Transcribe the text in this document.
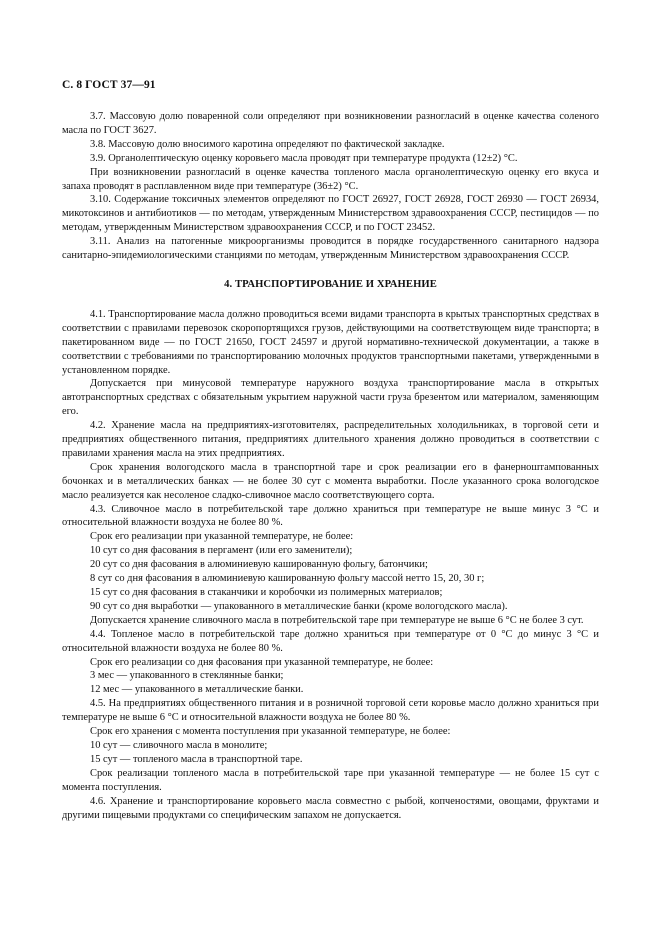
С. 8 ГОСТ 37—91

3.7. Массовую долю поваренной соли определяют при возникновении разногласий в оценке качества соленого масла по ГОСТ 3627.

3.8. Массовую долю вносимого каротина определяют по фактической закладке.

3.9. Органолептическую оценку коровьего масла проводят при температуре продукта (12±2) °С.

При возникновении разногласий в оценке качества топленого масла органолептическую оценку его вкуса и запаха проводят в расплавленном виде при температуре (36±2) °С.

3.10. Содержание токсичных элементов определяют по ГОСТ 26927, ГОСТ 26928, ГОСТ 26930 — ГОСТ 26934, микотоксинов и антибиотиков — по методам, утвержденным Министерством здравоохранения СССР, пестицидов — по методам, утвержденным Министерством здравоохранения СССР, и по ГОСТ 23452.

3.11. Анализ на патогенные микроорганизмы проводится в порядке государственного санитарного надзора санитарно-эпидемиологическими станциями по методам, утвержденным Министерством здравоохранения СССР.

4. ТРАНСПОРТИРОВАНИЕ И ХРАНЕНИЕ

4.1. Транспортирование масла должно проводиться всеми видами транспорта в крытых транспортных средствах в соответствии с правилами перевозок скоропортящихся грузов, действующими на соответствующем виде транспорта; в пакетированном виде — по ГОСТ 21650, ГОСТ 24597 и другой нормативно-технической документации, а также в соответствии с требованиями по транспортированию молочных продуктов транспортными пакетами, утвержденными в установленном порядке.

Допускается при минусовой температуре наружного воздуха транспортирование масла в открытых автотранспортных средствах с обязательным укрытием наружной части груза брезентом или материалом, заменяющим его.

4.2. Хранение масла на предприятиях-изготовителях, распределительных холодильниках, в торговой сети и предприятиях общественного питания, предприятиях длительного хранения должно проводиться в соответствии с правилами хранения масла на этих предприятиях.

Срок хранения вологодского масла в транспортной таре и срок реализации его в фанерноштампованных бочонках и в металлических банках — не более 30 сут с момента выработки. После указанного срока вологодское масло реализуется как несоленое сладко-сливочное масло соответствующего сорта.

4.3. Сливочное масло в потребительской таре должно храниться при температуре не выше минус 3 °С и относительной влажности воздуха не более 80 %.

Срок его реализации при указанной температуре, не более:

10 сут со дня фасования в пергамент (или его заменители);

20 сут со дня фасования в алюминиевую кашированную фольгу, батончики;

8 сут со дня фасования в алюминиевую кашированную фольгу массой нетто 15, 20, 30 г;

15 сут со дня фасования в стаканчики и коробочки из полимерных материалов;

90 сут со дня выработки — упакованного в металлические банки (кроме вологодского масла).

Допускается хранение сливочного масла в потребительской таре при температуре не выше 6 °С не более 3 сут.

4.4. Топленое масло в потребительской таре должно храниться при температуре от 0 °С до минус 3 °С и относительной влажности воздуха не более 80 %.

Срок его реализации со дня фасования при указанной температуре, не более:

3 мес — упакованного в стеклянные банки;

12 мес — упакованного в металлические банки.

4.5. На предприятиях общественного питания и в розничной торговой сети коровье масло должно храниться при температуре не выше 6 °С и относительной влажности воздуха не более 80 %.

Срок его хранения с момента поступления при указанной температуре, не более:

10 сут — сливочного масла в монолите;

15 сут — топленого масла в транспортной таре.

Срок реализации топленого масла в потребительской таре при указанной температуре — не более 15 сут с момента поступления.

4.6. Хранение и транспортирование коровьего масла совместно с рыбой, копченостями, овощами, фруктами и другими пищевыми продуктами со специфическим запахом не допускается.
